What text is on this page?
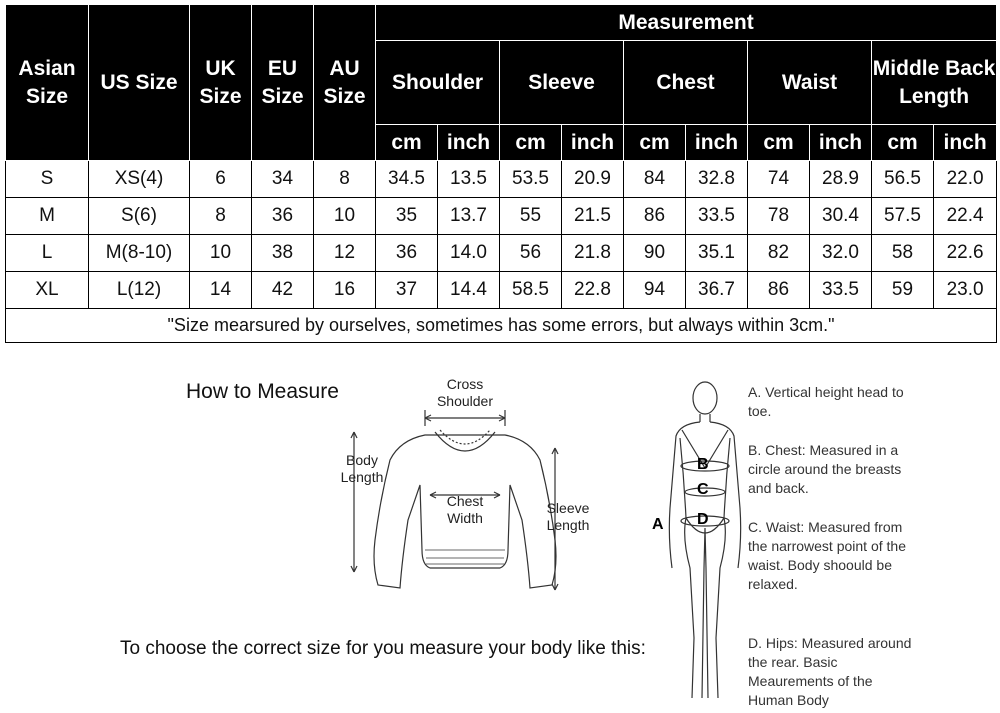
Asian Size	US Size	UK Size	EU Size	AU Size	Measurement									
					Shoulder		Sleeve		Chest		Waist		Middle Back Length	
					cm	inch	cm	inch	cm	inch	cm	inch	cm	inch
S	XS(4)	6	34	8	34.5	13.5	53.5	20.9	84	32.8	74	28.9	56.5	22.0
M	S(6)	8	36	10	35	13.7	55	21.5	86	33.5	78	30.4	57.5	22.4
L	M(8-10)	10	38	12	36	14.0	56	21.8	90	35.1	82	32.0	58	22.6
XL	L(12)	14	42	16	37	14.4	58.5	22.8	94	36.7	86	33.5	59	23.0
"Size mearsured by ourselves, sometimes has some errors, but always within 3cm."														
How to Measure	Cross Shoulder
Body Length
Chest Width
Sleeve Length
To choose the correct size for you measure your body like this:
A
B
C
D
A. Vertical height head to toe.
B. Chest: Measured in a circle around the breasts and back.
C. Waist: Measured from the narrowest point of the waist. Body shoould be relaxed.
D. Hips: Measured around the rear. Basic Meaurements of the Human Body
